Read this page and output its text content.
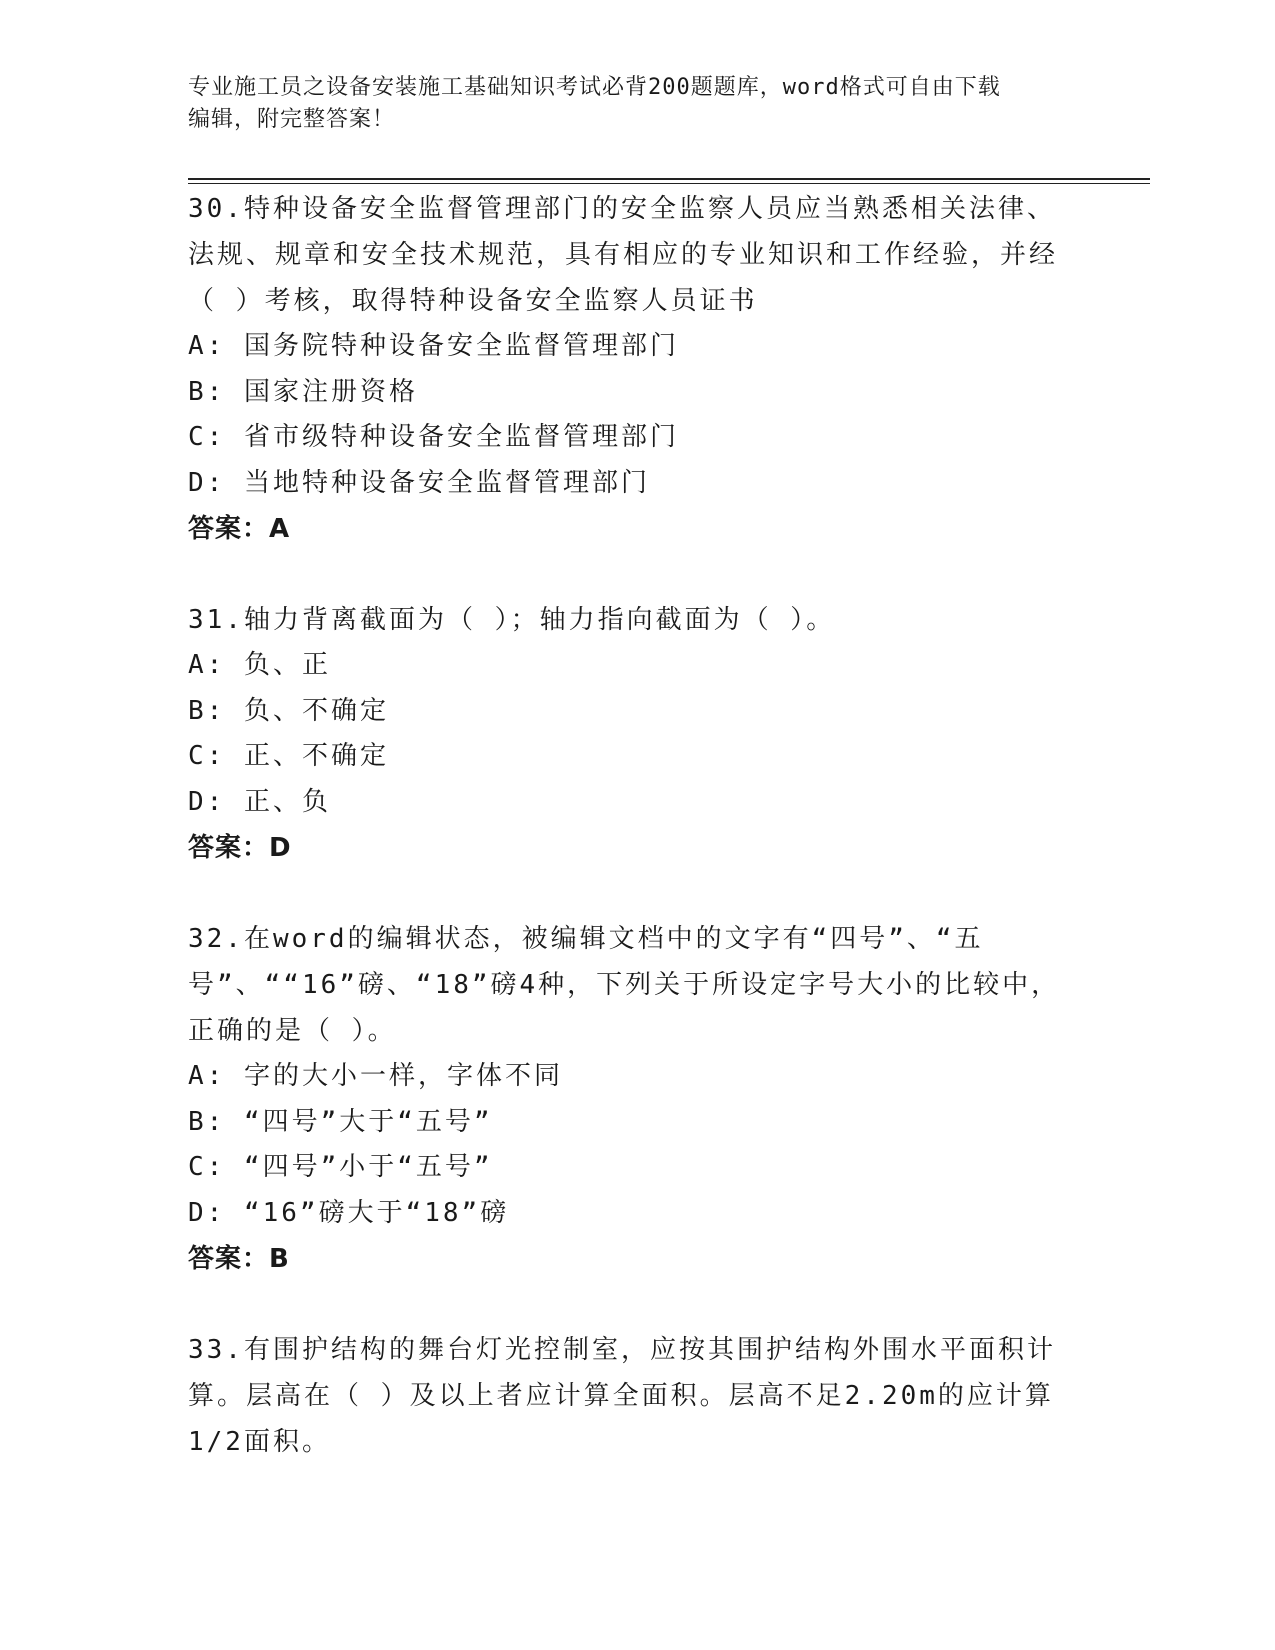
专业施工员之设备安装施工基础知识考试必背200题题库，word格式可自由下载
编辑，附完整答案！

30.特种设备安全监督管理部门的安全监察人员应当熟悉相关法律、法规、规章和安全技术规范，具有相应的专业知识和工作经验，并经（ ）考核，取得特种设备安全监察人员证书

A: 国务院特种设备安全监督管理部门

B: 国家注册资格

C: 省市级特种设备安全监督管理部门

D: 当地特种设备安全监督管理部门

答案：A

31.轴力背离截面为（ ）；轴力指向截面为（ ）。

A: 负、正

B: 负、不确定

C: 正、不确定

D: 正、负

答案：D

32.在word的编辑状态，被编辑文档中的文字有“四号”、“五号”、““16”磅、“18”磅4种，下列关于所设定字号大小的比较中，正确的是（ ）。

A: 字的大小一样，字体不同

B: “四号”大于“五号”

C: “四号”小于“五号”

D: “16”磅大于“18”磅

答案：B

33.有围护结构的舞台灯光控制室，应按其围护结构外围水平面积计算。层高在（ ）及以上者应计算全面积。层高不足2.20m的应计算1/2面积。
